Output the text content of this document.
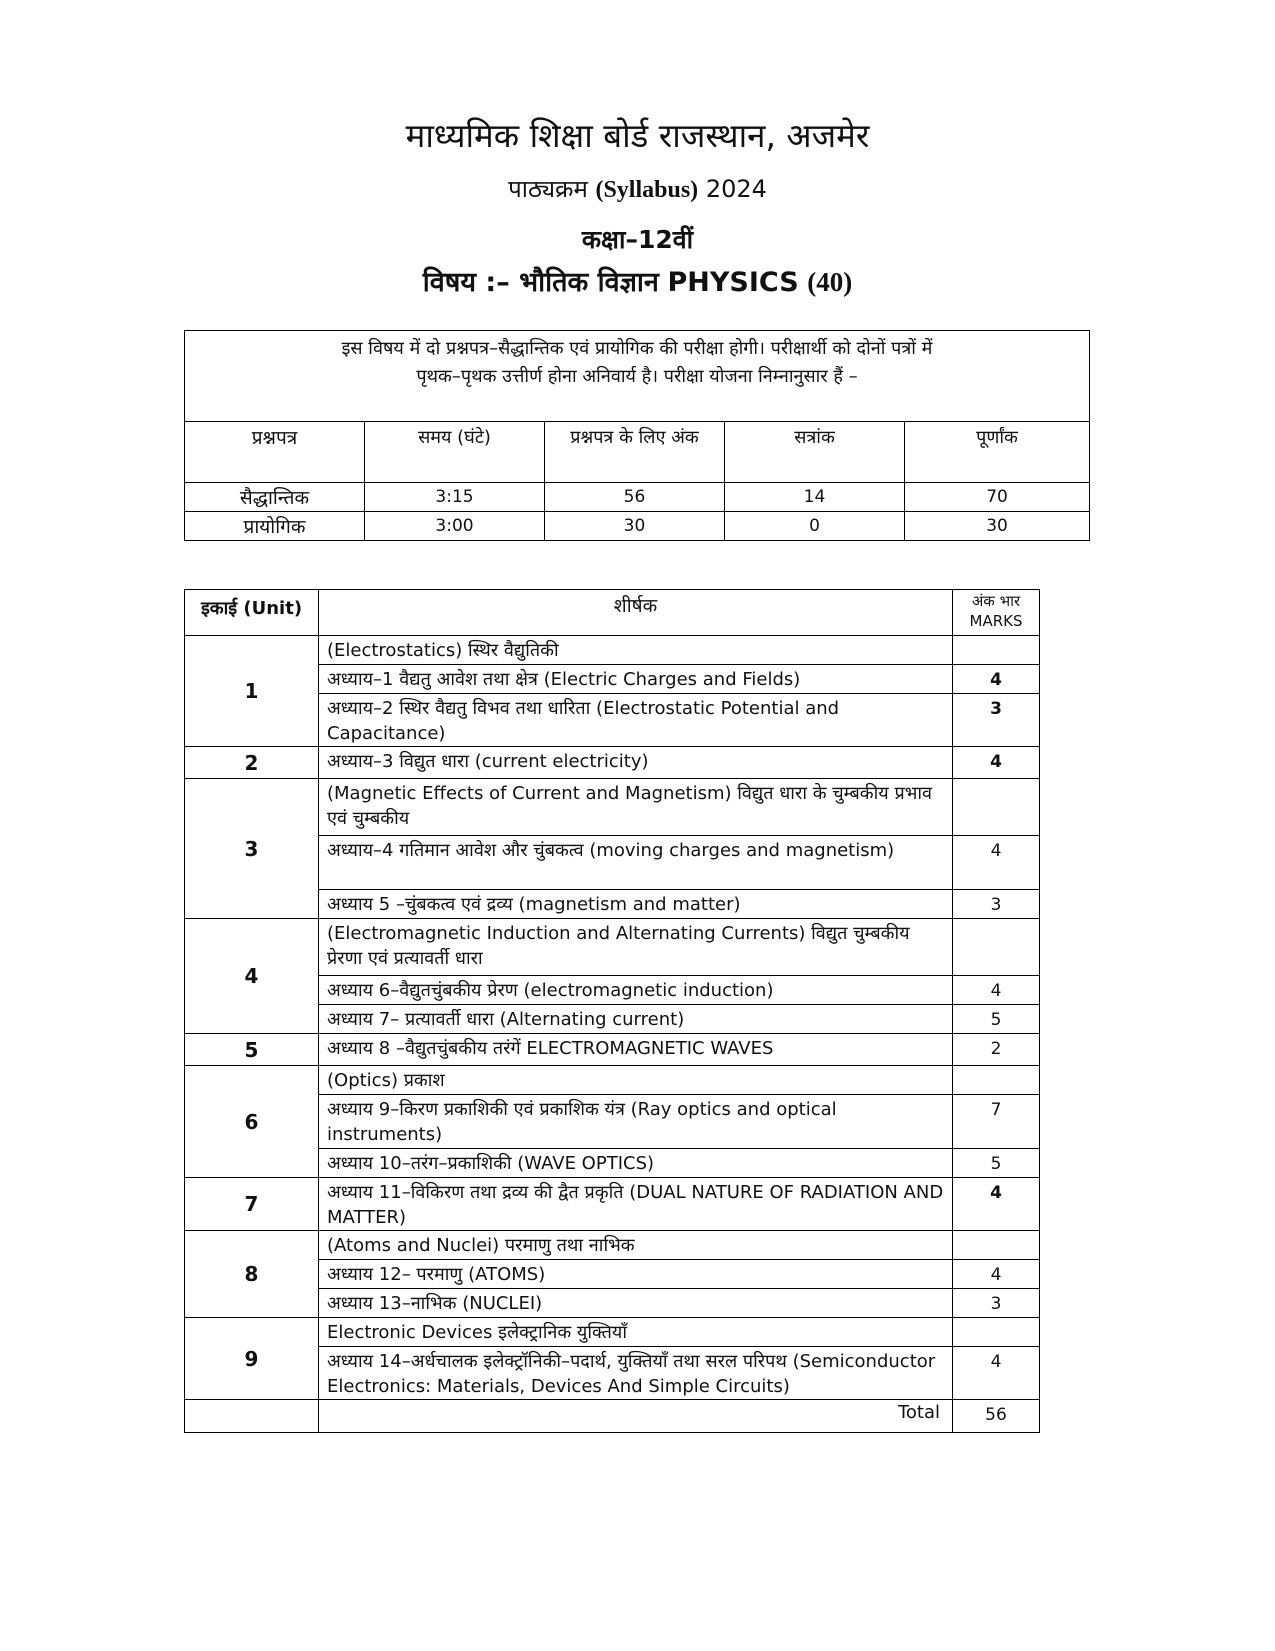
माध्यमिक शिक्षा बोर्ड राजस्थान, अजमेर
पाठ्यक्रम (Syllabus) 2024
कक्षा–12वीं
विषय :– भौतिक विज्ञान PHYSICS (40)
इस विषय में दो प्रश्नपत्र–सैद्धान्तिक एवं प्रायोगिक की परीक्षा होगी। परीक्षार्थी को दोनों पत्रों में
पृथक–पृथक उत्तीर्ण होना अनिवार्य है। परीक्षा योजना निम्नानुसार हैं –				

प्रश्नपत्र	समय (घंटे)	प्रश्नपत्र के लिए अंक	सत्रांक	पूर्णांक
सैद्धान्तिक	3:15	56	14	70
प्रायोगिक	3:00	30	0	30
इकाई (Unit)	शीर्षक	अंक भार
MARKS

1	(Electrostatics) स्थिर वैद्युतिकी	
	अध्याय–1 वैद्यतु आवेश तथा क्षेत्र (Electric Charges and Fields)	4
	अध्याय–2 स्थिर वैद्यतु विभव तथा धारिता (Electrostatic Potential and Capacitance)	3
2	अध्याय–3 विद्युत धारा (current electricity)	4
3	(Magnetic Effects of Current and Magnetism) विद्युत धारा के चुम्बकीय प्रभाव एवं चुम्बकीय	
	अध्याय–4 गतिमान आवेश और चुंबकत्व (moving charges and magnetism)	4
	अध्याय 5 –चुंबकत्व एवं द्रव्य (magnetism and matter)	3
4	(Electromagnetic Induction and Alternating Currents) विद्युत चुम्बकीय प्रेरणा एवं प्रत्यावर्ती धारा	
	अध्याय 6–वैद्युतचुंबकीय प्रेरण (electromagnetic induction)	4
	अध्याय 7– प्रत्यावर्ती धारा (Alternating current)	5
5	अध्याय 8 –वैद्युतचुंबकीय तरंगें ELECTROMAGNETIC WAVES	2
6	(Optics) प्रकाश	
	अध्याय 9–किरण प्रकाशिकी एवं प्रकाशिक यंत्र (Ray optics and optical instruments)	7
	अध्याय 10–तरंग–प्रकाशिकी (WAVE OPTICS)	5
7	अध्याय 11–विकिरण तथा द्रव्य की द्वैत प्रकृति (DUAL NATURE OF RADIATION AND MATTER)	4
8	(Atoms and Nuclei) परमाणु तथा नाभिक	
	अध्याय 12– परमाणु (ATOMS)	4
	अध्याय 13–नाभिक (NUCLEI)	3
9	Electronic Devices इलेक्ट्रानिक युक्तियाँ	
	अध्याय 14–अर्धचालक इलेक्ट्रॉनिकी–पदार्थ, युक्तियाँ तथा सरल परिपथ (Semiconductor Electronics: Materials, Devices And Simple Circuits)	4
	Total	56
